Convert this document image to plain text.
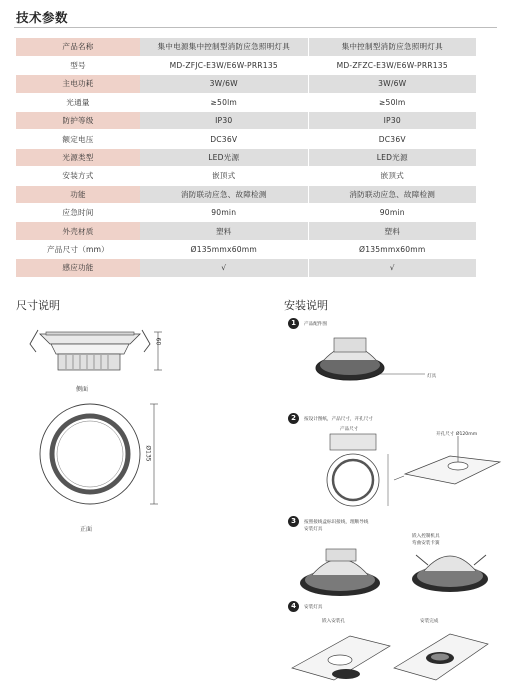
技术参数
产品名称	集中电源集中控制型消防应急照明灯具	集中控制型消防应急照明灯具
型号	MD-ZFJC-E3W/E6W-PRR135	MD-ZFZC-E3W/E6W-PRR135
主电功耗	3W/6W	3W/6W
光通量	≥50lm	≥50lm
防护等级	IP30	IP30
额定电压	DC36V	DC36V
光源类型	LED光源	LED光源
安装方式	嵌顶式	嵌顶式
功能	消防联动应急、故障检测	消防联动应急、故障检测
应急时间	90min	90min
外壳材质	塑料	塑料
产品尺寸（mm）	Ø135mmx60mm	Ø135mmx60mm
感应功能	√	√
尺寸说明
60
侧面
Ø135
正面
安装说明
1	产品配件图
灯具
2	按设计图纸，产品尺寸，开孔尺寸
产品尺寸
开孔尺寸 Ø120mm
3	按照接线盒标识接线，理顺导线
安装灯具
嵌入控制机具
弯曲安装卡簧
4	安装灯具
嵌入安装孔	安装完成
